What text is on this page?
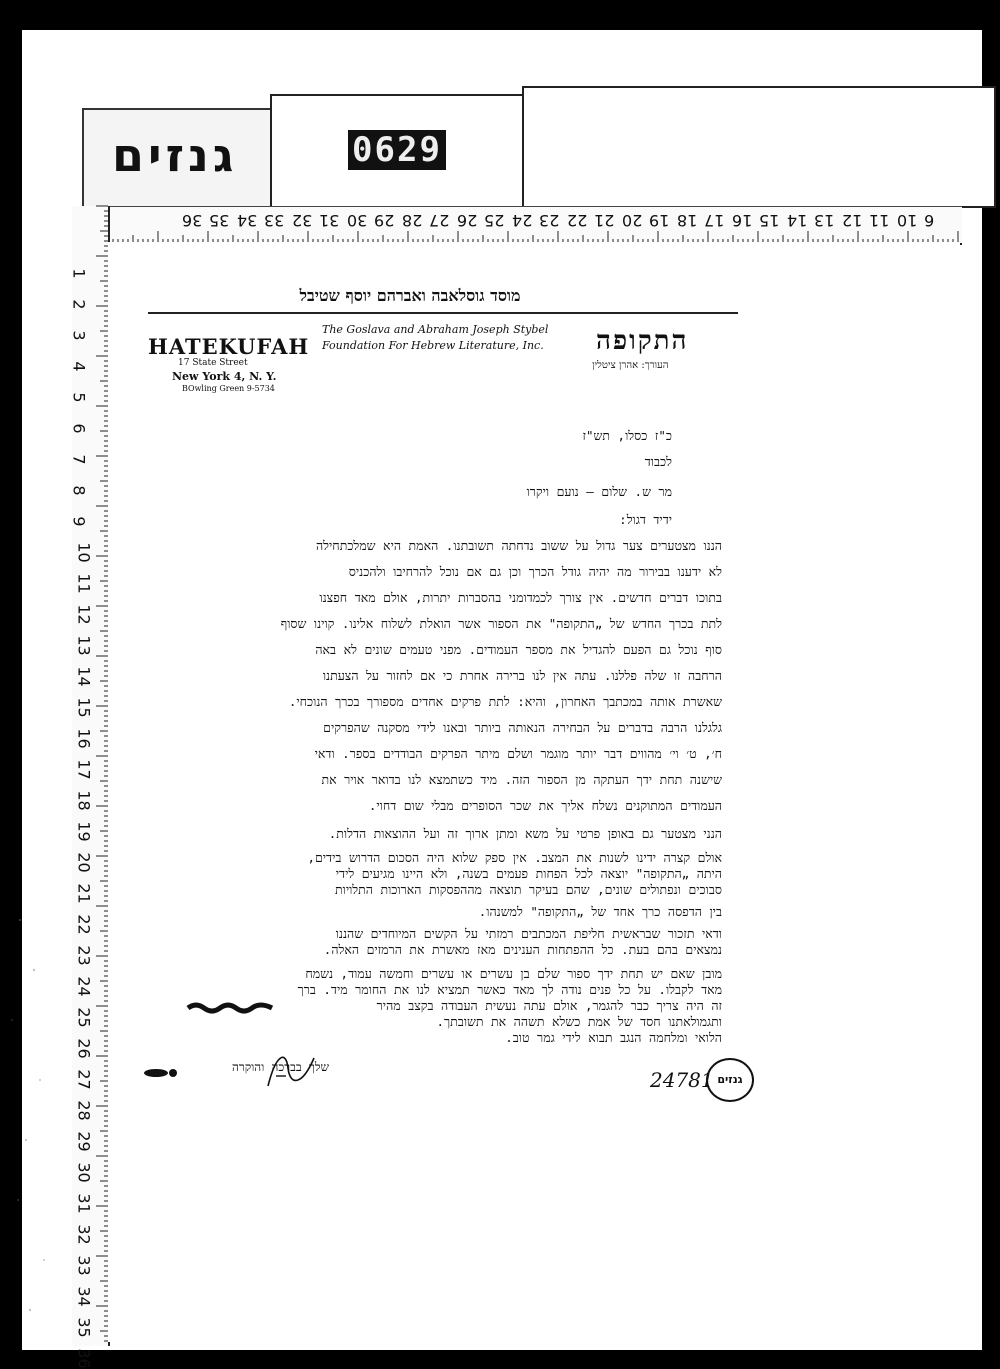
גנזים	0629
6
10
11
12
13
14
15
16
17
18
19
20
21
22
23
24
25
26
27
28
29
30
31
32
33
34
35
36
1
2
3
4
5
6
7
8
9
10
11
12
13
14
15
16
17
18
19
20
21
22
23
24
25
26
27
28
29
30
31
32
33
34
35
36
מוסד גוסלאבה ואברהם יוסף שטיבל
HATEKUFAH
17 State Street
New York 4, N. Y.
BOwling Green 9-5734
The Goslava and Abraham Joseph Stybel
Foundation For Hebrew Literature, Inc. התקופה
העורך: אהרן ציטלין
כ"ז כסלו, תש"ז
לכבוד
מר ש. שלום – נועם ויקרו
ידיד דגול:
הננו מצטערים צער גדול על ששוב נדחתה תשובתנו. האמת היא שמלכתחילה
לא ידענו בבירור מה יהיה גודל הכרך וכן גם אם נוכל להרחיבו ולהכניס
בתוכו דברים חדשים. אין צורך לכמדומני בהסברות יתרות, אולם מאד חפצנו
לתת בכרך החדש של „התקופה" את הספור אשר הואלת לשלוח אלינו. קוינו שסוף
סוף נוכל גם הפעם להגדיל את מספר העמודים. מפני טעמים שונים לא באה
הרחבה זו שלה פללנו. עתה אין לנו ברירה אחרת כי אם לחזור על הצעתנו
שאשרת אותה במכתבך האחרון, והיא: לתת פרקים אחדים מספורך בכרך הנוכחי.
גלגלנו הרבה בדברים על הבחירה הנאותה ביותר ובאנו לידי מסקנה שהפרקים
ח׳, ט׳ וי׳ מהווים דבר יותר מוגמר ושלם מיתר הפרקים הבודדים בספר. ודאי
שישנה תחת ידך העתקה מן הספור הזה. מיד כשתמצא לנו בדואר אויר את
העמודים המתוקנים נשלח אליך את שכר הסופרים מבלי שום דחוי.
הנני מצטער גם באופן פרטי על משא ומתן ארוך זה ועל ההוצאות הדלות.
אולם קצרה ידינו לשנות את המצב. אין ספק שלוא היה הסכום הדרוש בידים,
היתה „התקופה" יוצאה לכל הפחות פעמים בשנה, ולא היינו מגיעים לידי
סבוכים ונפתולים שונים, שהם בעיקר תוצאה מההפסקות הארוכות התלויות
בין הדפסה כרך אחד של „התקופה" למשנהו.
ודאי תזכור שבראשית חליפת המכתבים רמזתי על הקשים המיוחדים שהננו
נמצאים בהם בעת. כל ההפתחות הענינים מאז מאשרת את הרמזים האלה.
מובן שאם יש תחת ידך ספור שלם בן עשרים או עשרים וחמשה עמוד, נשמח
מאד לקבלו. על כל פנים נודה לך מאד כאשר תמציא לנו את החומר מיד. ברך
זה היה צריך כבר להגמר, אולם עתה נעשית העבודה בקצב מהיר
ותגמולאתנו חסד של אמת כשלא תשהה את תשובתך.
הלואי ומלחמה הנגב תבוא לידי גמר טוב.
שלך בברכה והוקרה
24781 גנזים
